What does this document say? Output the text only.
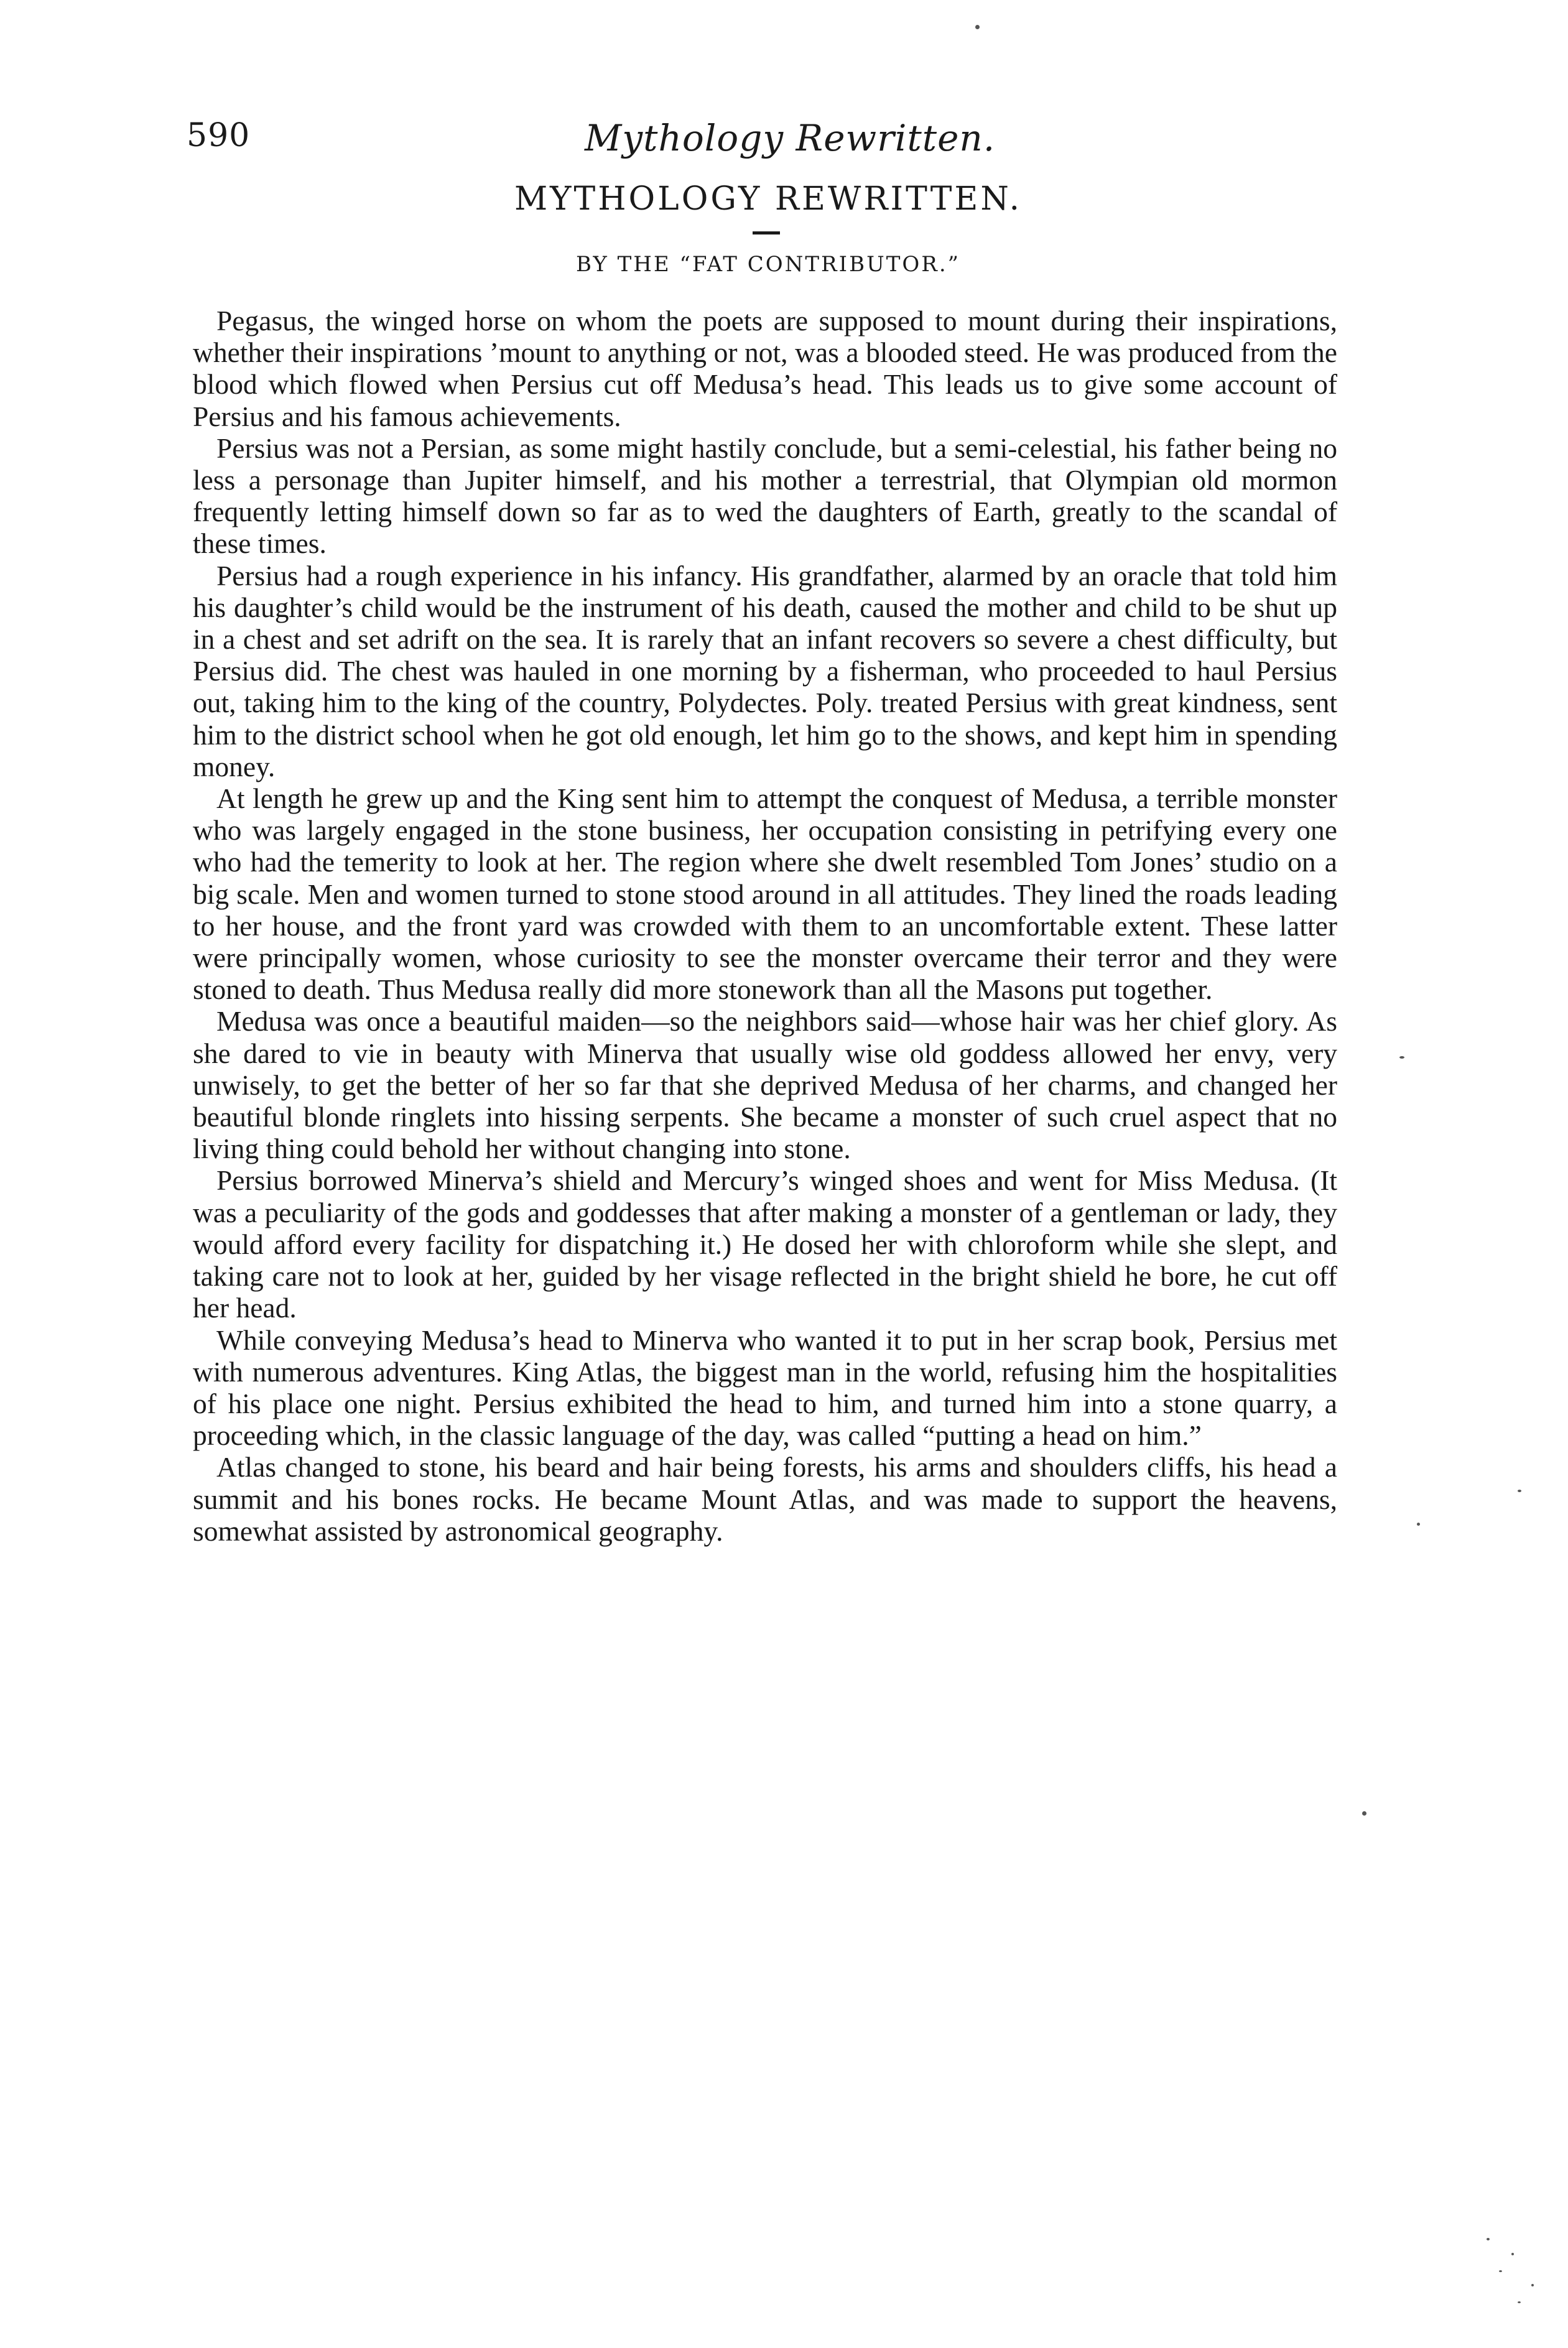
590	Mythology Rewritten.
MYTHOLOGY REWRITTEN.
BY THE “FAT CONTRIBUTOR.”

Pegasus, the winged horse on whom the poets are supposed to mount during their inspirations, whether their inspirations ’mount to anything or not, was a blooded steed. He was produced from the blood which flowed when Persius cut off Medusa’s head. This leads us to give some account of Persius and his famous achievements.

Persius was not a Persian, as some might hastily conclude, but a semi-celestial, his father being no less a personage than Jupiter himself, and his mother a terrestrial, that Olympian old mormon frequently letting himself down so far as to wed the daughters of Earth, greatly to the scandal of these times.

Persius had a rough experience in his infancy. His grandfather, alarmed by an oracle that told him his daughter’s child would be the instrument of his death, caused the mother and child to be shut up in a chest and set adrift on the sea. It is rarely that an infant recovers so severe a chest difficulty, but Persius did. The chest was hauled in one morning by a fisherman, who proceeded to haul Persius out, taking him to the king of the country, Polydectes. Poly. treated Persius with great kindness, sent him to the district school when he got old enough, let him go to the shows, and kept him in spending money.

At length he grew up and the King sent him to attempt the conquest of Medusa, a terrible monster who was largely engaged in the stone business, her occupation consisting in petrifying every one who had the temerity to look at her. The region where she dwelt resembled Tom Jones’ studio on a big scale. Men and women turned to stone stood around in all attitudes. They lined the roads leading to her house, and the front yard was crowded with them to an uncomfortable extent. These latter were principally women, whose curiosity to see the monster overcame their terror and they were stoned to death. Thus Medusa really did more stonework than all the Masons put together.

Medusa was once a beautiful maiden—so the neighbors said—whose hair was her chief glory. As she dared to vie in beauty with Minerva that usually wise old goddess allowed her envy, very unwisely, to get the better of her so far that she deprived Medusa of her charms, and changed her beautiful blonde ringlets into hissing serpents. She became a monster of such cruel aspect that no living thing could behold her without changing into stone.

Persius borrowed Minerva’s shield and Mercury’s winged shoes and went for Miss Medusa. (It was a peculiarity of the gods and goddesses that after making a monster of a gentleman or lady, they would afford every facility for dispatching it.) He dosed her with chloroform while she slept, and taking care not to look at her, guided by her visage reflected in the bright shield he bore, he cut off her head.

While conveying Medusa’s head to Minerva who wanted it to put in her scrap book, Persius met with numerous adventures. King Atlas, the biggest man in the world, refusing him the hospitalities of his place one night. Persius exhibited the head to him, and turned him into a stone quarry, a proceeding which, in the classic language of the day, was called “putting a head on him.”

Atlas changed to stone, his beard and hair being forests, his arms and shoulders cliffs, his head a summit and his bones rocks. He became Mount Atlas, and was made to support the heavens, somewhat assisted by astronomical geography.
